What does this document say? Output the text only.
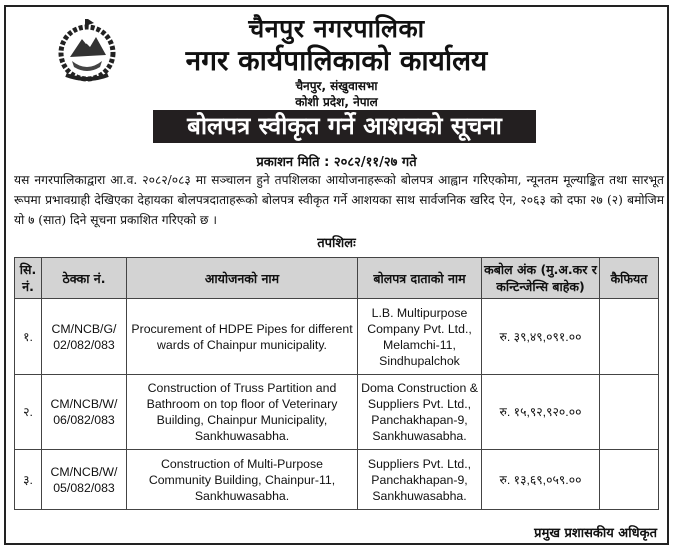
चैनपुर नगरपालिका
नगर कार्यपालिकाको कार्यालय
चैनपुर, संखुवासभा
कोशी प्रदेश, नेपाल
बोलपत्र स्वीकृत गर्ने आशयको सूचना
प्रकाशन मिति : २०८२/११/२७ गते
यस नगरपालिकाद्वारा आ.व. २०८२/०८३ मा सञ्चालन हुने तपशिलका आयोजनाहरूको बोलपत्र आह्वान गरिएकोमा, न्यूनतम मूल्याङ्कित तथा सारभूत रूपमा प्रभावग्राही देखिएका देहायका बोलपत्रदाताहरूको बोलपत्र स्वीकृत गर्ने आशयका साथ सार्वजनिक खरिद ऐन, २०६३ को दफा २७ (२) बमोजिम यो ७ (सात) दिने सूचना प्रकाशित गरिएको छ ।
तपशिलः
सि. नं.	ठेक्का नं.	आयोजनको नाम	बोलपत्र दाताको नाम	कबोल अंक (मु.अ.कर र कन्टिन्जेन्सि बाहेक)	कैफियत
१.	CM/NCB/G/ 02/082/083	Procurement of HDPE Pipes for different wards of Chainpur municipality.	L.B. Multipurpose Company Pvt. Ltd., Melamchi-11, Sindhupalchok	रु. ३९,४९,०९१.००	
२.	CM/NCB/W/ 06/082/083	Construction of Truss Partition and Bathroom on top floor of Veterinary Building, Chainpur Municipality, Sankhuwasabha.	Doma Construction & Suppliers Pvt. Ltd., Panchakhapan-9, Sankhuwasabha.	रु. १५,९२,९२०.००	
३.	CM/NCB/W/ 05/082/083	Construction of Multi-Purpose Community Building, Chainpur-11, Sankhuwasabha.	Suppliers Pvt. Ltd., Panchakhapan-9, Sankhuwasabha.	रु. १३,६९,०५९.००	
प्रमुख प्रशासकीय अधिकृत
